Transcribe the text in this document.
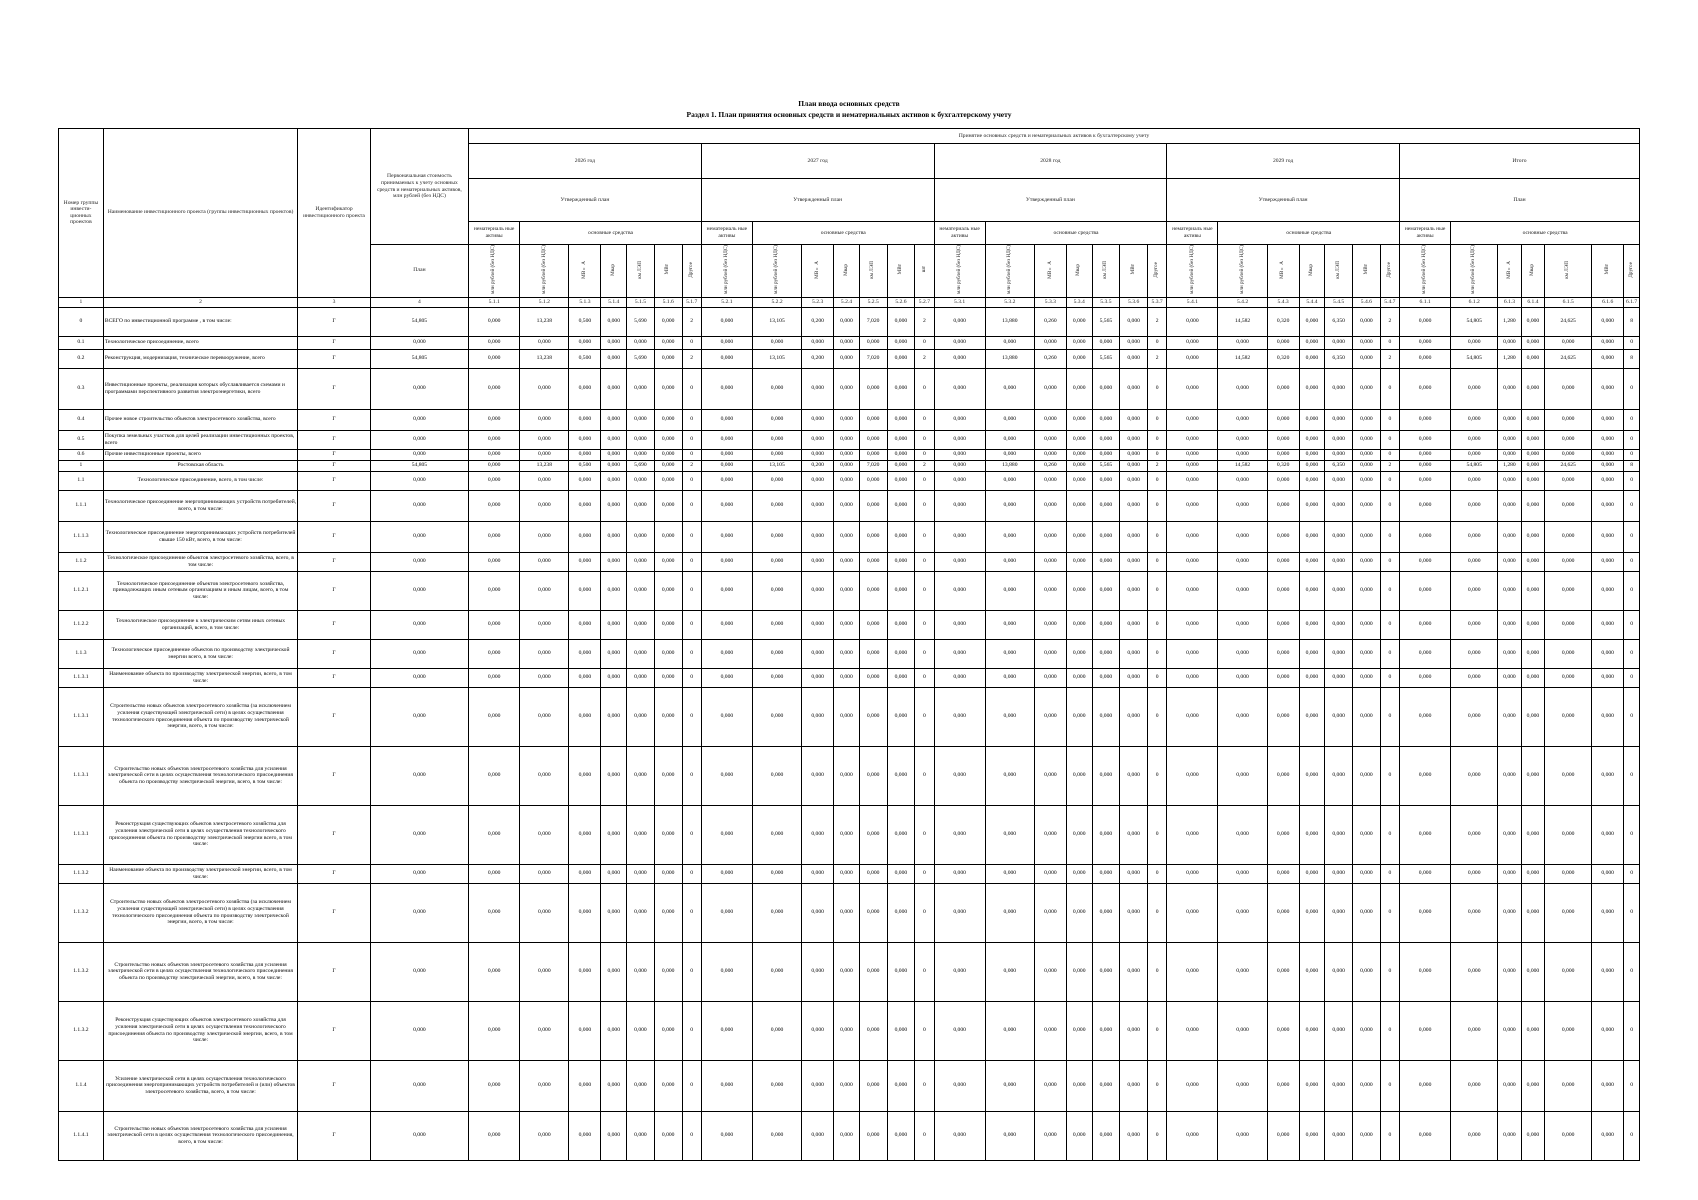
План ввода основных средств
Раздел 1. План принятия основных средств и нематериальных активов к бухгалтерскому учету
Номер группы инвести- ционных проектов	Наименование инвестиционного проекта (группы инвестиционных проектов)	Идентификатор инвестиционного проекта	Первоначальная стоимость принимаемых к учету основных средств и нематериальных активов, млн рублей (без НДС)	Принятие основных средств и нематериальных активов к бухгалтерскому учету																																		
				2026 год							2027 год							2028 год							2029 год							Итого						
				Утвержденный план							Утвержденный план							Утвержденный план							Утвержденный план							План						
				нематериаль ные активы	основные средства						нематериаль ные активы	основные средства						нематериаль ные активы	основные средства						нематериаль ные активы	основные средства						нематериаль ные активы	основные средства					
			План	млн рублей (без НДС)	млн рублей (без НДС)	МВ×А	Мвар	км ЛЭП	МВт	Другое	млн рублей (без НДС)	млн рублей (без НДС)	МВ×А	Мвар	км ЛЭП	МВт	шт	млн рублей (без НДС)	млн рублей (без НДС)	МВ×А	Мвар	км ЛЭП	МВт	Другое	млн рублей (без НДС)	млн рублей (без НДС)	МВ×А	Мвар	км ЛЭП	МВт	Другое	млн рублей (без НДС)	млн рублей (без НДС)	МВ×А	Мвар	км ЛЭП	МВт	Другое
1	2	3	4	5.1.1	5.1.2	5.1.3	5.1.4	5.1.5	5.1.6	5.1.7	5.2.1	5.2.2	5.2.3	5.2.4	5.2.5	5.2.6	5.2.7	5.3.1	5.3.2	5.3.3	5.3.4	5.3.5	5.3.6	5.3.7	5.4.1	5.4.2	5.4.3	5.4.4	5.4.5	5.4.6	5.4.7	6.1.1	6.1.2	6.1.3	6.1.4	6.1.5	6.1.6	6.1.7
0	ВСЕГО по инвестиционной программе , в том числе:	Г	54,805	0,000	13,238	0,500	0,000	5,690	0,000	2	0,000	13,105	0,200	0,000	7,020	0,000	2	0,000	13,880	0,260	0,000	5,565	0,000	2	0,000	14,582	0,320	0,000	6,350	0,000	2	0,000	54,805	1,280	0,000	24,625	0,000	8
0.1	Технологическое присоединение, всего	Г	0,000	0,000	0,000	0,000	0,000	0,000	0,000	0	0,000	0,000	0,000	0,000	0,000	0,000	0	0,000	0,000	0,000	0,000	0,000	0,000	0	0,000	0,000	0,000	0,000	0,000	0,000	0	0,000	0,000	0,000	0,000	0,000	0,000	0
0.2	Реконструкция, модернизация, техническое перевооружение, всего	Г	54,805	0,000	13,238	0,500	0,000	5,690	0,000	2	0,000	13,105	0,200	0,000	7,020	0,000	2	0,000	13,880	0,260	0,000	5,565	0,000	2	0,000	14,582	0,320	0,000	6,350	0,000	2	0,000	54,805	1,280	0,000	24,625	0,000	8
0.3	Инвестиционные проекты, реализация которых обуславливается схемами и программами перспективного развития электроэнергетики, всего	Г	0,000	0,000	0,000	0,000	0,000	0,000	0,000	0	0,000	0,000	0,000	0,000	0,000	0,000	0	0,000	0,000	0,000	0,000	0,000	0,000	0	0,000	0,000	0,000	0,000	0,000	0,000	0	0,000	0,000	0,000	0,000	0,000	0,000	0
0.4	Прочее новое строительство объектов электросетевого хозяйства, всего	Г	0,000	0,000	0,000	0,000	0,000	0,000	0,000	0	0,000	0,000	0,000	0,000	0,000	0,000	0	0,000	0,000	0,000	0,000	0,000	0,000	0	0,000	0,000	0,000	0,000	0,000	0,000	0	0,000	0,000	0,000	0,000	0,000	0,000	0
0.5	Покупка земельных участков для целей реализации инвестиционных проектов, всего	Г	0,000	0,000	0,000	0,000	0,000	0,000	0,000	0	0,000	0,000	0,000	0,000	0,000	0,000	0	0,000	0,000	0,000	0,000	0,000	0,000	0	0,000	0,000	0,000	0,000	0,000	0,000	0	0,000	0,000	0,000	0,000	0,000	0,000	0
0.6	Прочие инвестиционные проекты, всего	Г	0,000	0,000	0,000	0,000	0,000	0,000	0,000	0	0,000	0,000	0,000	0,000	0,000	0,000	0	0,000	0,000	0,000	0,000	0,000	0,000	0	0,000	0,000	0,000	0,000	0,000	0,000	0	0,000	0,000	0,000	0,000	0,000	0,000	0
1	Ростовская область	Г	54,805	0,000	13,238	0,500	0,000	5,690	0,000	2	0,000	13,105	0,200	0,000	7,020	0,000	2	0,000	13,880	0,260	0,000	5,565	0,000	2	0,000	14,582	0,320	0,000	6,350	0,000	2	0,000	54,805	1,280	0,000	24,625	0,000	8
1.1	Технологическое присоединение, всего, в том числе:	Г	0,000	0,000	0,000	0,000	0,000	0,000	0,000	0	0,000	0,000	0,000	0,000	0,000	0,000	0	0,000	0,000	0,000	0,000	0,000	0,000	0	0,000	0,000	0,000	0,000	0,000	0,000	0	0,000	0,000	0,000	0,000	0,000	0,000	0
1.1.1	Технологическое присоединение энергопринимающих устройств потребителей, всего, в том числе:	Г	0,000	0,000	0,000	0,000	0,000	0,000	0,000	0	0,000	0,000	0,000	0,000	0,000	0,000	0	0,000	0,000	0,000	0,000	0,000	0,000	0	0,000	0,000	0,000	0,000	0,000	0,000	0	0,000	0,000	0,000	0,000	0,000	0,000	0
1.1.1.3	Технологическое присоединение энергопринимающих устройств потребителей свыше 150 кВт, всего, в том числе:	Г	0,000	0,000	0,000	0,000	0,000	0,000	0,000	0	0,000	0,000	0,000	0,000	0,000	0,000	0	0,000	0,000	0,000	0,000	0,000	0,000	0	0,000	0,000	0,000	0,000	0,000	0,000	0	0,000	0,000	0,000	0,000	0,000	0,000	0
1.1.2	Технологическое присоединение объектов электросетевого хозяйства, всего, в том числе:	Г	0,000	0,000	0,000	0,000	0,000	0,000	0,000	0	0,000	0,000	0,000	0,000	0,000	0,000	0	0,000	0,000	0,000	0,000	0,000	0,000	0	0,000	0,000	0,000	0,000	0,000	0,000	0	0,000	0,000	0,000	0,000	0,000	0,000	0
1.1.2.1	Технологическое присоединение объектов электросетевого хозяйства, принадлежащих иным сетевым организациям и иным лицам, всего, в том числе:	Г	0,000	0,000	0,000	0,000	0,000	0,000	0,000	0	0,000	0,000	0,000	0,000	0,000	0,000	0	0,000	0,000	0,000	0,000	0,000	0,000	0	0,000	0,000	0,000	0,000	0,000	0,000	0	0,000	0,000	0,000	0,000	0,000	0,000	0
1.1.2.2	Технологическое присоединение к электрическим сетям иных сетевых организаций, всего, в том числе:	Г	0,000	0,000	0,000	0,000	0,000	0,000	0,000	0	0,000	0,000	0,000	0,000	0,000	0,000	0	0,000	0,000	0,000	0,000	0,000	0,000	0	0,000	0,000	0,000	0,000	0,000	0,000	0	0,000	0,000	0,000	0,000	0,000	0,000	0
1.1.3	Технологическое присоединение объектов по производству электрической энергии всего, в том числе:	Г	0,000	0,000	0,000	0,000	0,000	0,000	0,000	0	0,000	0,000	0,000	0,000	0,000	0,000	0	0,000	0,000	0,000	0,000	0,000	0,000	0	0,000	0,000	0,000	0,000	0,000	0,000	0	0,000	0,000	0,000	0,000	0,000	0,000	0
1.1.3.1	Наименование объекта по производству электрической энергии, всего, в том числе:	Г	0,000	0,000	0,000	0,000	0,000	0,000	0,000	0	0,000	0,000	0,000	0,000	0,000	0,000	0	0,000	0,000	0,000	0,000	0,000	0,000	0	0,000	0,000	0,000	0,000	0,000	0,000	0	0,000	0,000	0,000	0,000	0,000	0,000	0
1.1.3.1	Строительство новых объектов электросетевого хозяйства (за исключением усиления существующей электрической сети) в целях осуществления технологического присоединения объекта по производству электрической энергии, всего, в том числе:	Г	0,000	0,000	0,000	0,000	0,000	0,000	0,000	0	0,000	0,000	0,000	0,000	0,000	0,000	0	0,000	0,000	0,000	0,000	0,000	0,000	0	0,000	0,000	0,000	0,000	0,000	0,000	0	0,000	0,000	0,000	0,000	0,000	0,000	0
1.1.3.1	Строительство новых объектов электросетевого хозяйства для усиления электрической сети в целях осуществления технологического присоединения объекта по производству электрической энергии, всего, в том числе:	Г	0,000	0,000	0,000	0,000	0,000	0,000	0,000	0	0,000	0,000	0,000	0,000	0,000	0,000	0	0,000	0,000	0,000	0,000	0,000	0,000	0	0,000	0,000	0,000	0,000	0,000	0,000	0	0,000	0,000	0,000	0,000	0,000	0,000	0
1.1.3.1	Реконструкция существующих объектов электросетевого хозяйства для усиления электрической сети в целях осуществления технологического присоединения объекта по производству электрической энергии всего, в том числе:	Г	0,000	0,000	0,000	0,000	0,000	0,000	0,000	0	0,000	0,000	0,000	0,000	0,000	0,000	0	0,000	0,000	0,000	0,000	0,000	0,000	0	0,000	0,000	0,000	0,000	0,000	0,000	0	0,000	0,000	0,000	0,000	0,000	0,000	0
1.1.3.2	Наименование объекта по производству электрической энергии, всего, в том числе:	Г	0,000	0,000	0,000	0,000	0,000	0,000	0,000	0	0,000	0,000	0,000	0,000	0,000	0,000	0	0,000	0,000	0,000	0,000	0,000	0,000	0	0,000	0,000	0,000	0,000	0,000	0,000	0	0,000	0,000	0,000	0,000	0,000	0,000	0
1.1.3.2	Строительство новых объектов электросетевого хозяйства (за исключением усиления существующей электрической сети) в целях осуществления технологического присоединения объекта по производству электрической энергии, всего, в том числе:	Г	0,000	0,000	0,000	0,000	0,000	0,000	0,000	0	0,000	0,000	0,000	0,000	0,000	0,000	0	0,000	0,000	0,000	0,000	0,000	0,000	0	0,000	0,000	0,000	0,000	0,000	0,000	0	0,000	0,000	0,000	0,000	0,000	0,000	0
1.1.3.2	Строительство новых объектов электросетевого хозяйства для усиления электрической сети в целях осуществления технологического присоединения объекта по производству электрической энергии, всего, в том числе:	Г	0,000	0,000	0,000	0,000	0,000	0,000	0,000	0	0,000	0,000	0,000	0,000	0,000	0,000	0	0,000	0,000	0,000	0,000	0,000	0,000	0	0,000	0,000	0,000	0,000	0,000	0,000	0	0,000	0,000	0,000	0,000	0,000	0,000	0
1.1.3.2	Реконструкция существующих объектов электросетевого хозяйства для усиления электрической сети в целях осуществления технологического присоединения объекта по производству электрической энергии, всего, в том числе:	Г	0,000	0,000	0,000	0,000	0,000	0,000	0,000	0	0,000	0,000	0,000	0,000	0,000	0,000	0	0,000	0,000	0,000	0,000	0,000	0,000	0	0,000	0,000	0,000	0,000	0,000	0,000	0	0,000	0,000	0,000	0,000	0,000	0,000	0
1.1.4	Усиление электрической сети в целях осуществления технологического присоединения энергопринимающих устройств потребителей и (или) объектов электросетевого хозяйства, всего, в том числе:	Г	0,000	0,000	0,000	0,000	0,000	0,000	0,000	0	0,000	0,000	0,000	0,000	0,000	0,000	0	0,000	0,000	0,000	0,000	0,000	0,000	0	0,000	0,000	0,000	0,000	0,000	0,000	0	0,000	0,000	0,000	0,000	0,000	0,000	0
1.1.4.1	Строительство новых объектов электросетевого хозяйства для усиления электрической сети в целях осуществления технологического присоединения, всего, в том числе:	Г	0,000	0,000	0,000	0,000	0,000	0,000	0,000	0	0,000	0,000	0,000	0,000	0,000	0,000	0	0,000	0,000	0,000	0,000	0,000	0,000	0	0,000	0,000	0,000	0,000	0,000	0,000	0	0,000	0,000	0,000	0,000	0,000	0,000	0
